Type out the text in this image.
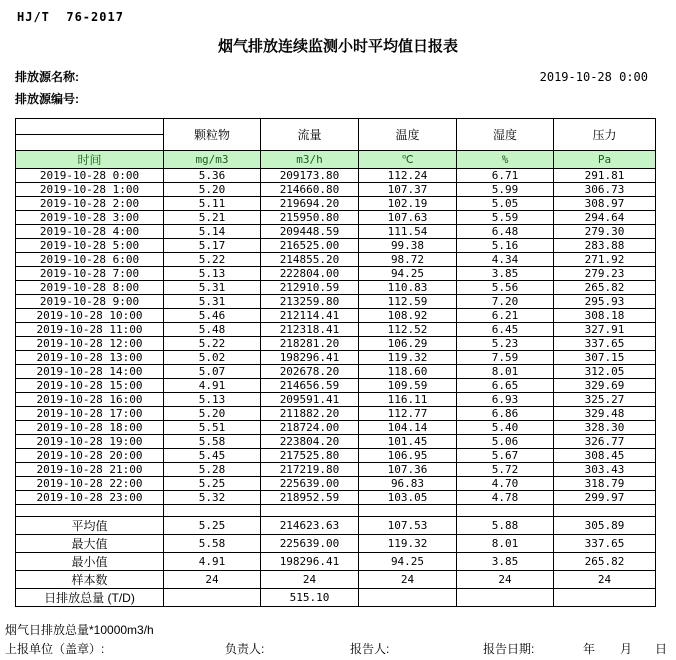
HJ/T  76-2017
烟气排放连续监测小时平均值日报表
排放源名称:
排放源编号:
2019-10-28 0:00
	颗粒物	流量	温度	湿度	压力

时间	mg/m3	m3/h	℃	%	Pa
2019-10-28 0:00	5.36	209173.80	112.24	6.71	291.81
2019-10-28 1:00	5.20	214660.80	107.37	5.99	306.73
2019-10-28 2:00	5.11	219694.20	102.19	5.05	308.97
2019-10-28 3:00	5.21	215950.80	107.63	5.59	294.64
2019-10-28 4:00	5.14	209448.59	111.54	6.48	279.30
2019-10-28 5:00	5.17	216525.00	99.38	5.16	283.88
2019-10-28 6:00	5.22	214855.20	98.72	4.34	271.92
2019-10-28 7:00	5.13	222804.00	94.25	3.85	279.23
2019-10-28 8:00	5.31	212910.59	110.83	5.56	265.82
2019-10-28 9:00	5.31	213259.80	112.59	7.20	295.93
2019-10-28 10:00	5.46	212114.41	108.92	6.21	308.18
2019-10-28 11:00	5.48	212318.41	112.52	6.45	327.91
2019-10-28 12:00	5.22	218281.20	106.29	5.23	337.65
2019-10-28 13:00	5.02	198296.41	119.32	7.59	307.15
2019-10-28 14:00	5.07	202678.20	118.60	8.01	312.05
2019-10-28 15:00	4.91	214656.59	109.59	6.65	329.69
2019-10-28 16:00	5.13	209591.41	116.11	6.93	325.27
2019-10-28 17:00	5.20	211882.20	112.77	6.86	329.48
2019-10-28 18:00	5.51	218724.00	104.14	5.40	328.30
2019-10-28 19:00	5.58	223804.20	101.45	5.06	326.77
2019-10-28 20:00	5.45	217525.80	106.95	5.67	308.45
2019-10-28 21:00	5.28	217219.80	107.36	5.72	303.43
2019-10-28 22:00	5.25	225639.00	96.83	4.70	318.79
2019-10-28 23:00	5.32	218952.59	103.05	4.78	299.97

平均值	5.25	214623.63	107.53	5.88	305.89
最大值	5.58	225639.00	119.32	8.01	337.65
最小值	4.91	198296.41	94.25	3.85	265.82
样本数	24	24	24	24	24
日排放总量 (T/D)		515.10			
烟气日排放总量*10000m3/h
上报单位（盖章）:	负责人:	报告人:	报告日期:	年 月 日
